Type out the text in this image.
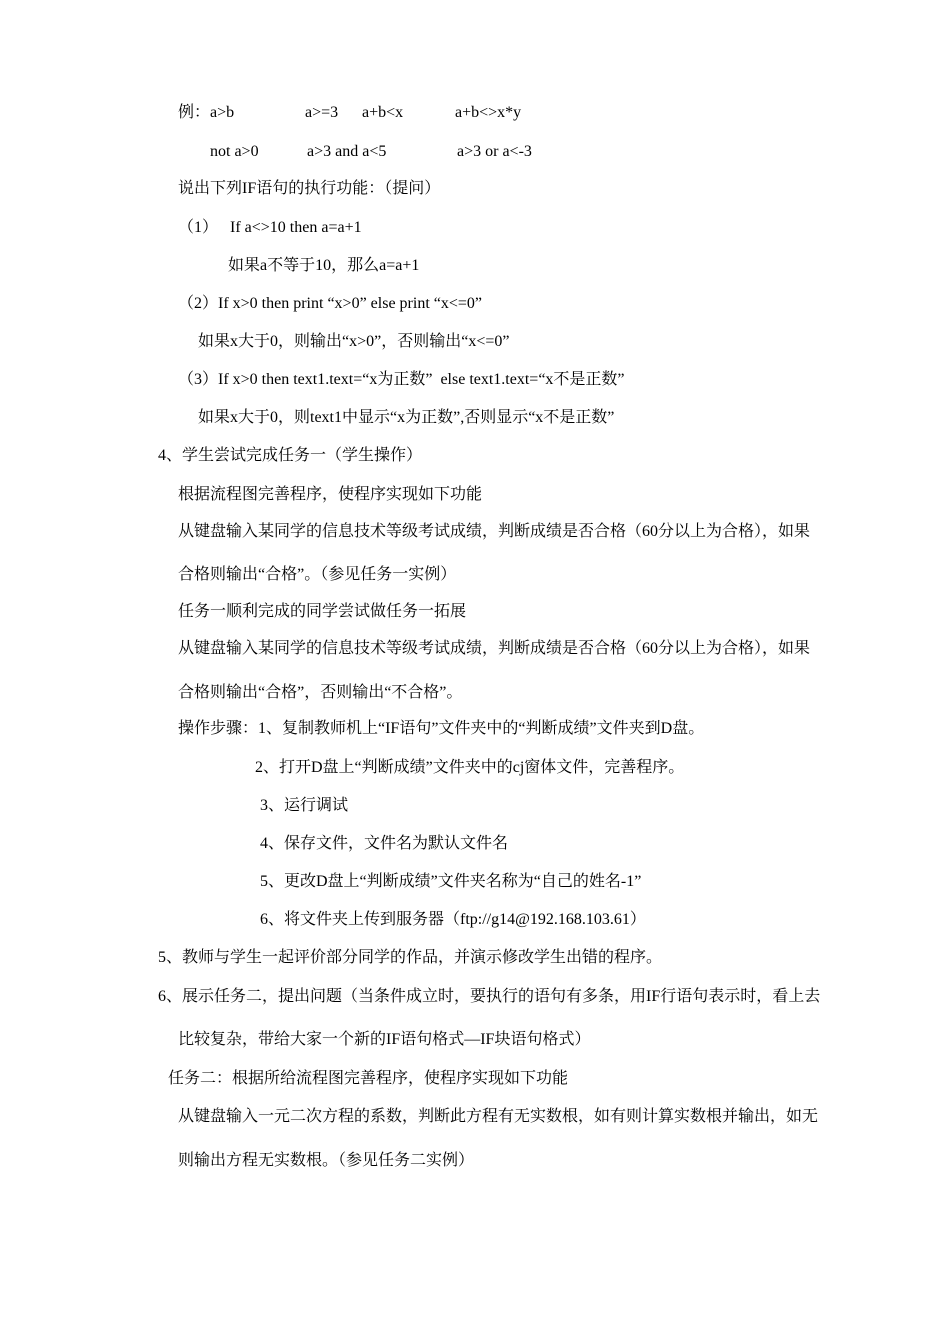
例： a>b	a>=3 a+b<x	a+b<>x*y
not a>0	a>3 and a<5	a>3 or a<-3
说出下列IF语句的执行功能：（提问）
（1）   If a<>10 then a=a+1
如果a不等于10，那么a=a+1
（2）If x>0 then print “x>0” else print “x<=0”
如果x大于0，则输出“x>0”，否则输出“x<=0”
（3）If x>0 then text1.text=“x为正数”  else text1.text=“x不是正数”
如果x大于0，则text1中显示“x为正数”,否则显示“x不是正数”
4、学生尝试完成任务一（学生操作）
根据流程图完善程序，使程序实现如下功能
从键盘输入某同学的信息技术等级考试成绩，判断成绩是否合格（60分以上为合格），如果
合格则输出“合格”。（参见任务一实例）
任务一顺利完成的同学尝试做任务一拓展
从键盘输入某同学的信息技术等级考试成绩，判断成绩是否合格（60分以上为合格），如果
合格则输出“合格”，否则输出“不合格”。
操作步骤：1、复制教师机上“IF语句”文件夹中的“判断成绩”文件夹到D盘。
2、打开D盘上“判断成绩”文件夹中的cj窗体文件，完善程序。
3、运行调试
4、保存文件，文件名为默认文件名
5、更改D盘上“判断成绩”文件夹名称为“自己的姓名-1”
6、将文件夹上传到服务器（ftp://g14@192.168.103.61）
5、教师与学生一起评价部分同学的作品，并演示修改学生出错的程序。
6、展示任务二，提出问题（当条件成立时，要执行的语句有多条，用IF行语句表示时，看上去
比较复杂，带给大家一个新的IF语句格式—IF块语句格式）
任务二：根据所给流程图完善程序，使程序实现如下功能
从键盘输入一元二次方程的系数，判断此方程有无实数根，如有则计算实数根并输出，如无
则输出方程无实数根。（参见任务二实例）
